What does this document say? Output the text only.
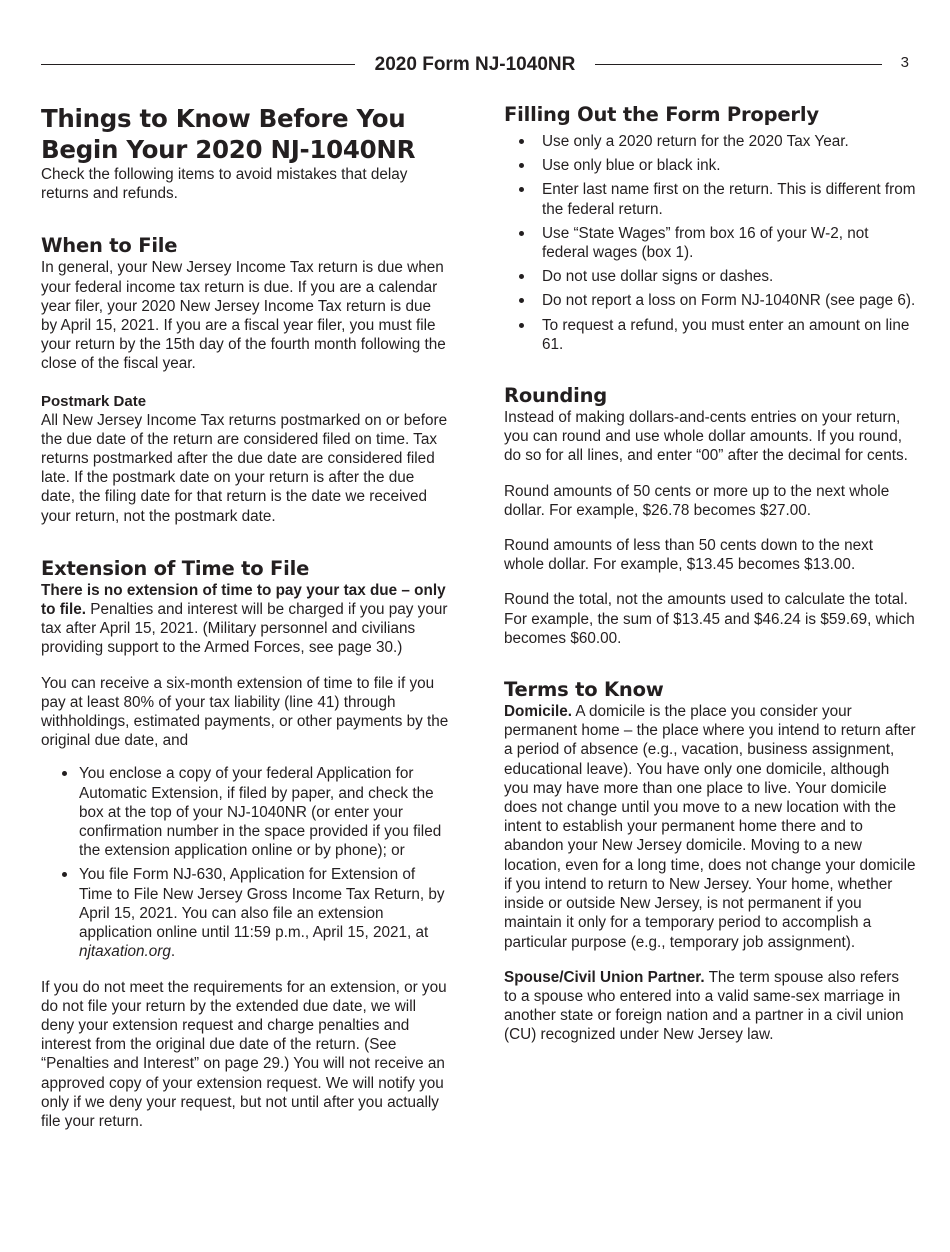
2020 Form NJ-1040NR	3
Things to Know Before You Begin Your 2020 NJ-1040NR

Check the following items to avoid mistakes that delay returns and refunds.

When to File

In general, your New Jersey Income Tax return is due when your federal income tax return is due. If you are a calendar year filer, your 2020 New Jersey Income Tax return is due by April 15, 2021. If you are a fiscal year filer, you must file your return by the 15th day of the fourth month following the close of the fiscal year.

Postmark Date

All New Jersey Income Tax returns postmarked on or before the due date of the return are considered filed on time. Tax returns postmarked after the due date are considered filed late. If the postmark date on your return is after the due date, the filing date for that return is the date we received your return, not the postmark date.

Extension of Time to File

There is no extension of time to pay your tax due – only to file. Penalties and interest will be charged if you pay your tax after April 15, 2021. (Military personnel and civilians providing support to the Armed Forces, see page 30.)

You can receive a six-month extension of time to file if you pay at least 80% of your tax liability (line 41) through withholdings, estimated payments, or other payments by the original due date, and

You enclose a copy of your federal Application for Automatic Extension, if filed by paper, and check the box at the top of your NJ-1040NR (or enter your confirmation number in the space provided if you filed the extension application online or by phone); or
You file Form NJ-630, Application for Extension of Time to File New Jersey Gross Income Tax Return, by April 15, 2021. You can also file an extension application online until 11:59 p.m., April 15, 2021, at njtaxation.org.

If you do not meet the requirements for an extension, or you do not file your return by the extended due date, we will deny your extension request and charge penalties and interest from the original due date of the return. (See “Penalties and Interest” on page 29.) You will not receive an approved copy of your extension request. We will notify you only if we deny your request, but not until after you actually file your return.

Filling Out the Form Properly
Use only a 2020 return for the 2020 Tax Year.
Use only blue or black ink.
Enter last name first on the return. This is different from the federal return.
Use “State Wages” from box 16 of your W-2, not federal wages (box 1).
Do not use dollar signs or dashes.
Do not report a loss on Form NJ-1040NR (see page 6).
To request a refund, you must enter an amount on line 61.
Rounding

Instead of making dollars-and-cents entries on your return, you can round and use whole dollar amounts. If you round, do so for all lines, and enter “00” after the decimal for cents.

Round amounts of 50 cents or more up to the next whole dollar. For example, $26.78 becomes $27.00.

Round amounts of less than 50 cents down to the next whole dollar. For example, $13.45 becomes $13.00.

Round the total, not the amounts used to calculate the total. For example, the sum of $13.45 and $46.24 is $59.69, which becomes $60.00.

Terms to Know

Domicile. A domicile is the place you consider your permanent home – the place where you intend to return after a period of absence (e.g., vacation, business assignment, educational leave). You have only one domicile, although you may have more than one place to live. Your domicile does not change until you move to a new location with the intent to establish your permanent home there and to abandon your New Jersey domicile. Moving to a new location, even for a long time, does not change your domicile if you intend to return to New Jersey. Your home, whether inside or outside New Jersey, is not permanent if you maintain it only for a temporary period to accomplish a particular purpose (e.g., temporary job assignment).

Spouse/Civil Union Partner. The term spouse also refers to a spouse who entered into a valid same-sex marriage in another state or foreign nation and a partner in a civil union (CU) recognized under New Jersey law.
